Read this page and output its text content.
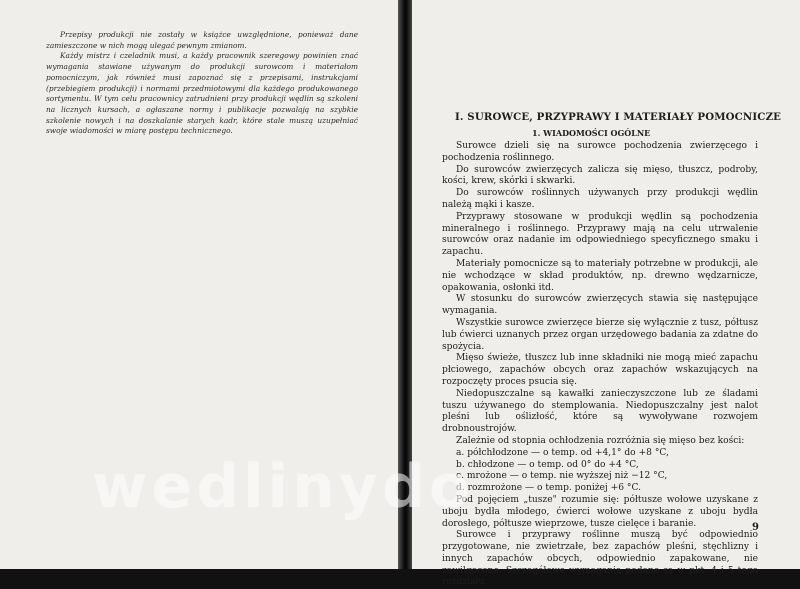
Przepisy produkcji nie zostały w książce uwzględnione, ponieważ dane zamieszczone w nich mogą ulegać pewnym zmianom.

Każdy mistrz i czeladnik musi, a każdy pracownik szeregowy powinien znać wymagania stawiane używanym do produkcji surowcom i materiałom pomocniczym, jak również musi zapoznać się z przepisami, instrukcjami (przebiegiem produkcji) i normami przedmiotowymi dla każdego produkowanego sortymentu. W tym celu pracownicy zatrudnieni przy produkcji wędlin są szkoleni na licznych kursach, a ogłaszane normy i publikacje pozwalają na szybkie szkolenie nowych i na doszkalanie starych kadr, które stale muszą uzupełniać swoje wiadomości w miarę postępu technicznego.

I. SUROWCE, PRZYPRAWY I MATERIAŁY POMOCNICZE
1. WIADOMOŚCI OGÓLNE

Surowce dzieli się na surowce pochodzenia zwierzęcego i pochodzenia roślinnego.

Do surowców zwierzęcych zalicza się mięso, tłuszcz, podroby, kości, krew, skórki i skwarki.

Do surowców roślinnych używanych przy produkcji wędlin należą mąki i kasze.

Przyprawy stosowane w produkcji wędlin są pochodzenia mineralnego i roślinnego. Przyprawy mają na celu utrwalenie surowców oraz nadanie im odpowiedniego specyficznego smaku i zapachu.

Materiały pomocnicze są to materiały potrzebne w produkcji, ale nie wchodzące w skład produktów, np. drewno wędzarnicze, opakowania, osłonki itd.

W stosunku do surowców zwierzęcych stawia się następujące wymagania.

Wszystkie surowce zwierzęce bierze się wyłącznie z tusz, półtusz lub ćwierci uznanych przez organ urzędowego badania za zdatne do spożycia.

Mięso świeże, tłuszcz lub inne składniki nie mogą mieć zapachu płciowego, zapachów obcych oraz zapachów wskazujących na rozpoczęty proces psucia się.

Niedopuszczalne są kawałki zanieczyszczone lub ze śladami tuszu używanego do stemplowania. Niedopuszczalny jest nalot pleśni lub oślizłość, które są wywoływane rozwojem drobnoustrojów.

Zależnie od stopnia ochłodzenia rozróżnia się mięso bez kości:

a. półchłodzone — o temp. od +4,1° do +8 °C,
b. chłodzone — o temp. od 0° do +4 °C,
c. mrożone — o temp. nie wyższej niż −12 °C,
d. rozmrożone — o temp. poniżej +6 °C.

Pod pojęciem „tusze" rozumie się: półtusze wołowe uzyskane z uboju bydła młodego, ćwierci wołowe uzyskane z uboju bydła dorosłego, półtusze wieprzowe, tusze cielęce i baranie.

Surowce i przyprawy roślinne muszą być odpowiednio przygotowane, nie zwietrzałe, bez zapachów pleśni, stęchlizny i innych zapachów obcych, odpowiednio zapakowane, nie zawilgocone. Szczegółowe wymagania podane są w pkt. 4 i 5 tego rozdziału.

9

wedlinydo
